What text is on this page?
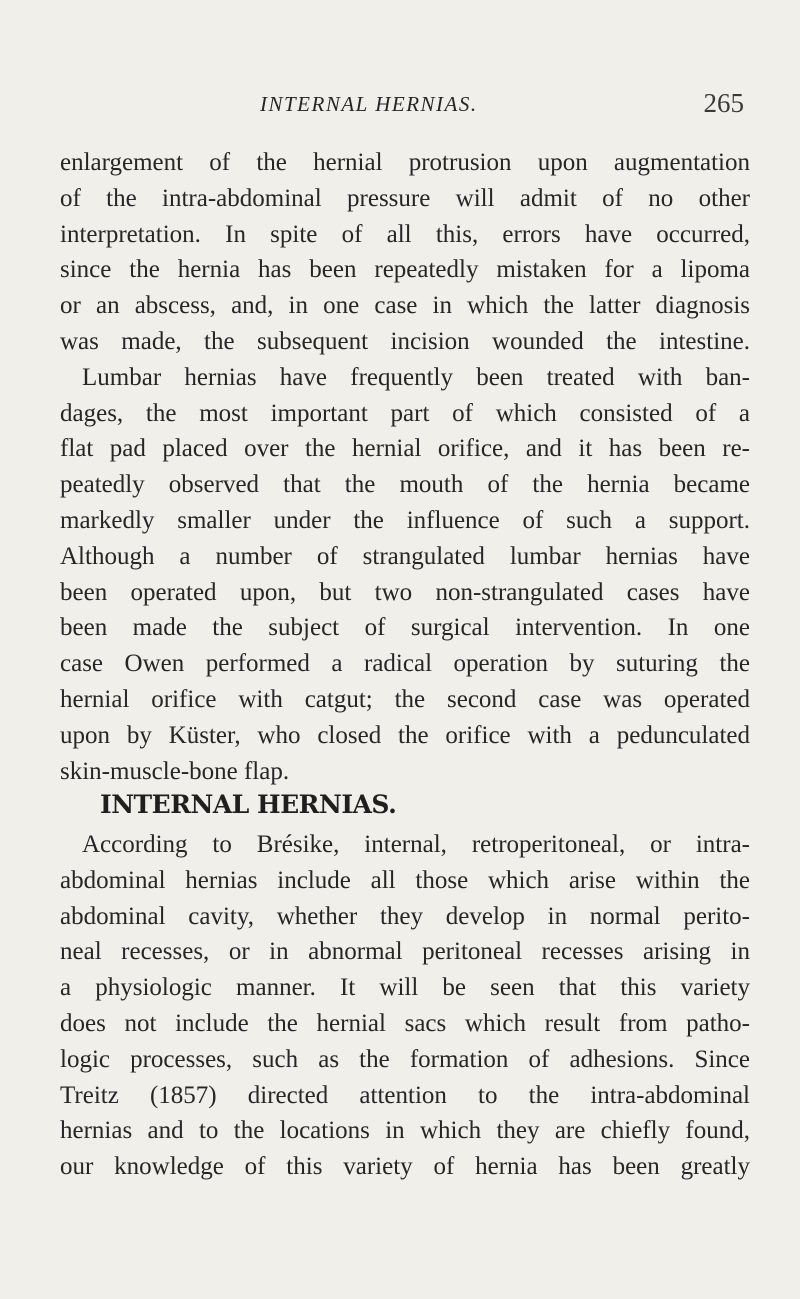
INTERNAL HERNIAS.	265
enlargement of the hernial protrusion upon augmentation
of the intra-abdominal pressure will admit of no other
interpretation. In spite of all this, errors have occurred,
since the hernia has been repeatedly mistaken for a lipoma
or an abscess, and, in one case in which the latter diagnosis
was made, the subsequent incision wounded the intestine.
Lumbar hernias have frequently been treated with ban-
dages, the most important part of which consisted of a
flat pad placed over the hernial orifice, and it has been re-
peatedly observed that the mouth of the hernia became
markedly smaller under the influence of such a support.
Although a number of strangulated lumbar hernias have
been operated upon, but two non-strangulated cases have
been made the subject of surgical intervention. In one
case Owen performed a radical operation by suturing the
hernial orifice with catgut; the second case was operated
upon by Küster, who closed the orifice with a pedunculated
skin-muscle-bone flap.
INTERNAL HERNIAS.
According to Brésike, internal, retroperitoneal, or intra-
abdominal hernias include all those which arise within the
abdominal cavity, whether they develop in normal perito-
neal recesses, or in abnormal peritoneal recesses arising in
a physiologic manner. It will be seen that this variety
does not include the hernial sacs which result from patho-
logic processes, such as the formation of adhesions. Since
Treitz (1857) directed attention to the intra-abdominal
hernias and to the locations in which they are chiefly found,
our knowledge of this variety of hernia has been greatly
